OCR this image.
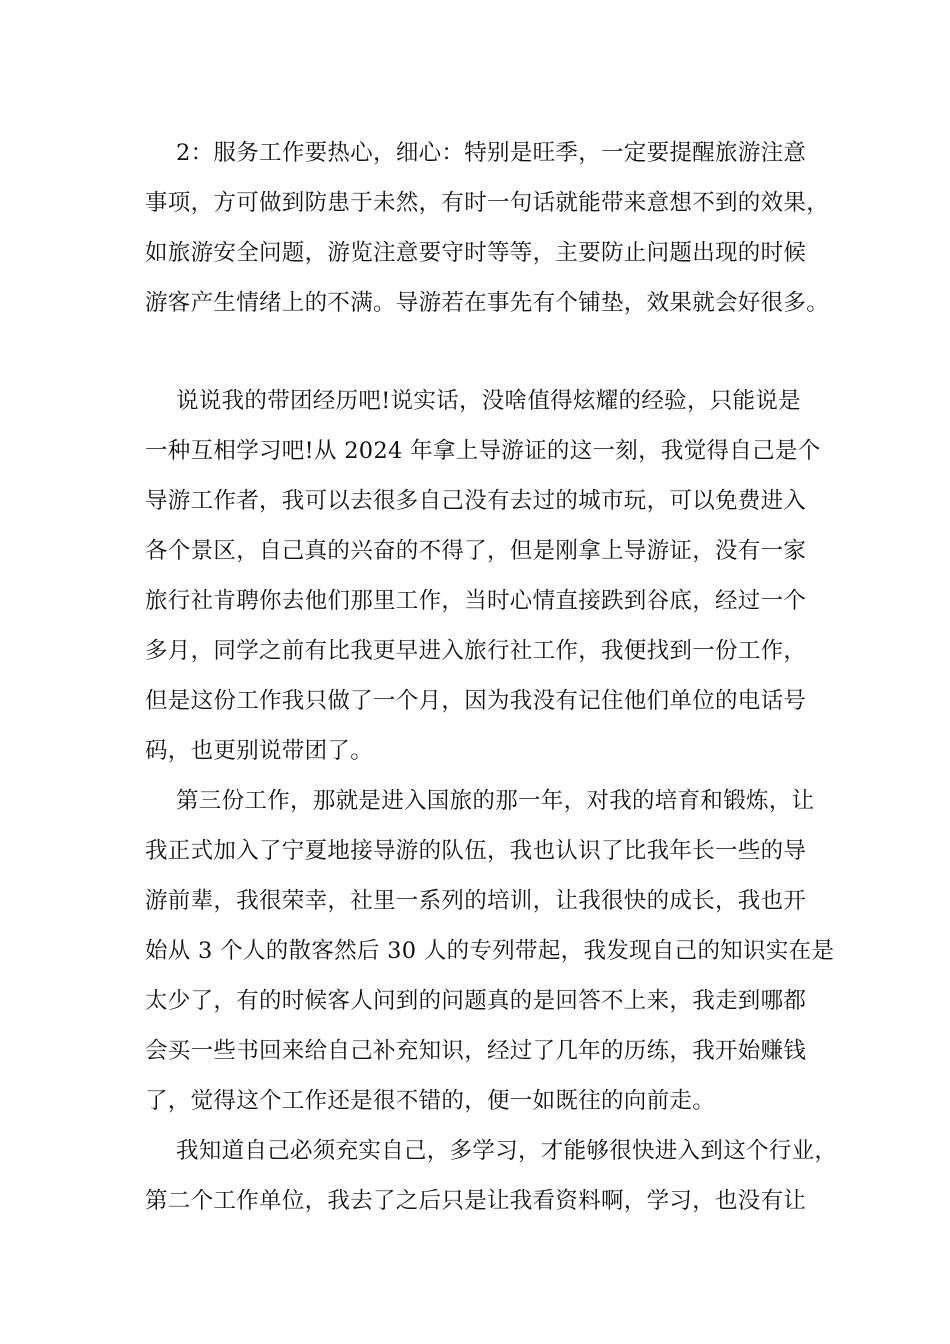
2：服务工作要热心，细心：特别是旺季，一定要提醒旅游注意

事项，方可做到防患于未然，有时一句话就能带来意想不到的效果，

如旅游安全问题，游览注意要守时等等，主要防止问题出现的时候

游客产生情绪上的不满。导游若在事先有个铺垫，效果就会好很多。

说说我的带团经历吧!说实话，没啥值得炫耀的经验，只能说是

一种互相学习吧!从 2024 年拿上导游证的这一刻，我觉得自己是个

导游工作者，我可以去很多自己没有去过的城市玩，可以免费进入

各个景区，自己真的兴奋的不得了，但是刚拿上导游证，没有一家

旅行社肯聘你去他们那里工作，当时心情直接跌到谷底，经过一个

多月，同学之前有比我更早进入旅行社工作，我便找到一份工作，

但是这份工作我只做了一个月，因为我没有记住他们单位的电话号

码，也更别说带团了。

第三份工作，那就是进入国旅的那一年，对我的培育和锻炼，让

我正式加入了宁夏地接导游的队伍，我也认识了比我年长一些的导

游前辈，我很荣幸，社里一系列的培训，让我很快的成长，我也开

始从 3 个人的散客然后 30 人的专列带起，我发现自己的知识实在是

太少了，有的时候客人问到的问题真的是回答不上来，我走到哪都

会买一些书回来给自己补充知识，经过了几年的历练，我开始赚钱

了，觉得这个工作还是很不错的，便一如既往的向前走。

我知道自己必须充实自己，多学习，才能够很快进入到这个行业，

第二个工作单位，我去了之后只是让我看资料啊，学习，也没有让
